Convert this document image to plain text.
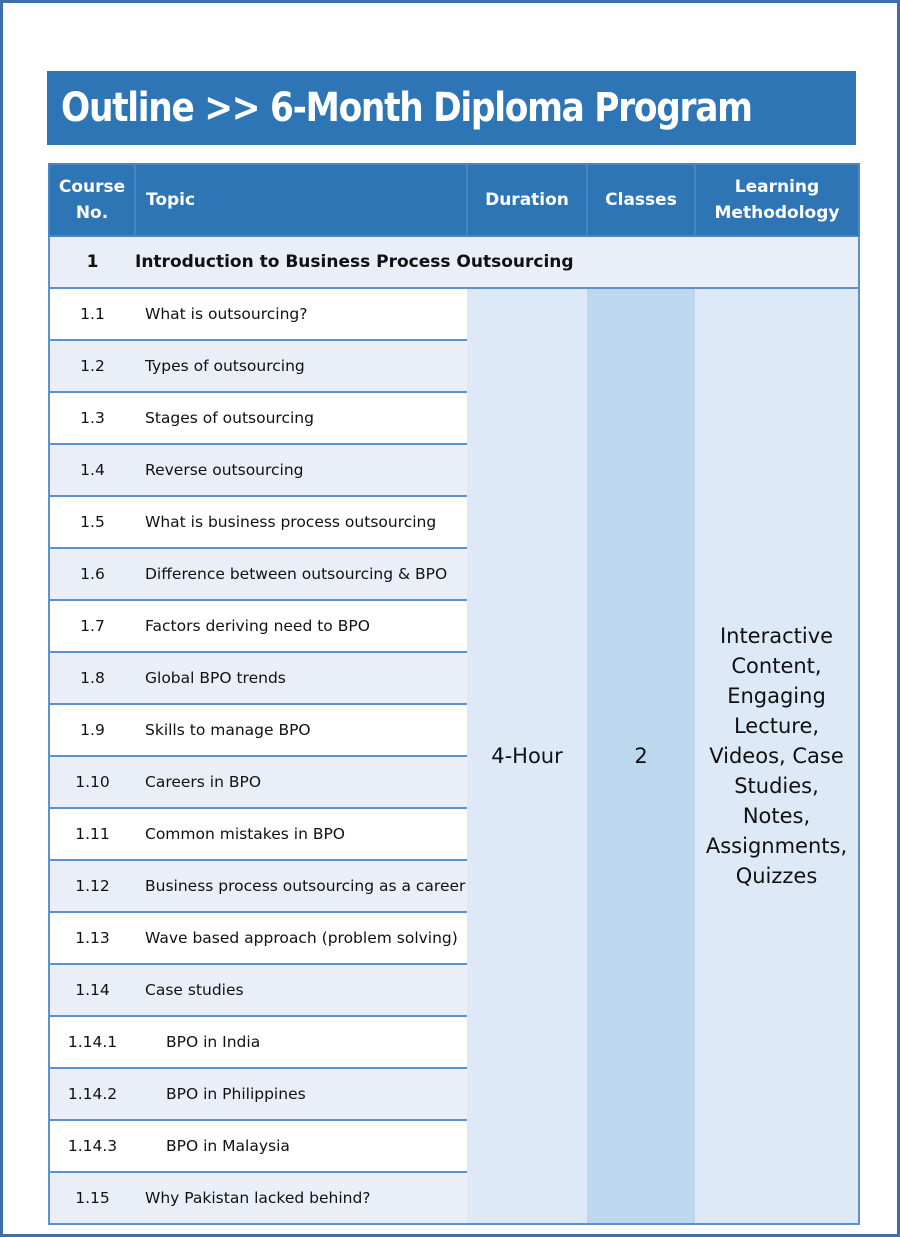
Outline >> 6-Month Diploma Program
Course No.	Topic	Duration	Classes	Learning Methodology
1	Introduction to Business Process Outsourcing			
1.1	What is outsourcing?	4-Hour	2	Interactive Content, Engaging Lecture, Videos, Case Studies, Notes, Assignments, Quizzes
1.2	Types of outsourcing			
1.3	Stages of outsourcing			
1.4	Reverse outsourcing			
1.5	What is business process outsourcing			
1.6	Difference between outsourcing & BPO			
1.7	Factors deriving need to BPO			
1.8	Global BPO trends			
1.9	Skills to manage BPO			
1.10	Careers in BPO			
1.11	Common mistakes in BPO			
1.12	Business process outsourcing as a career			
1.13	Wave based approach (problem solving)			
1.14	Case studies			
1.14.1	BPO in India			
1.14.2	BPO in Philippines			
1.14.3	BPO in Malaysia			
1.15	Why Pakistan lacked behind?			
